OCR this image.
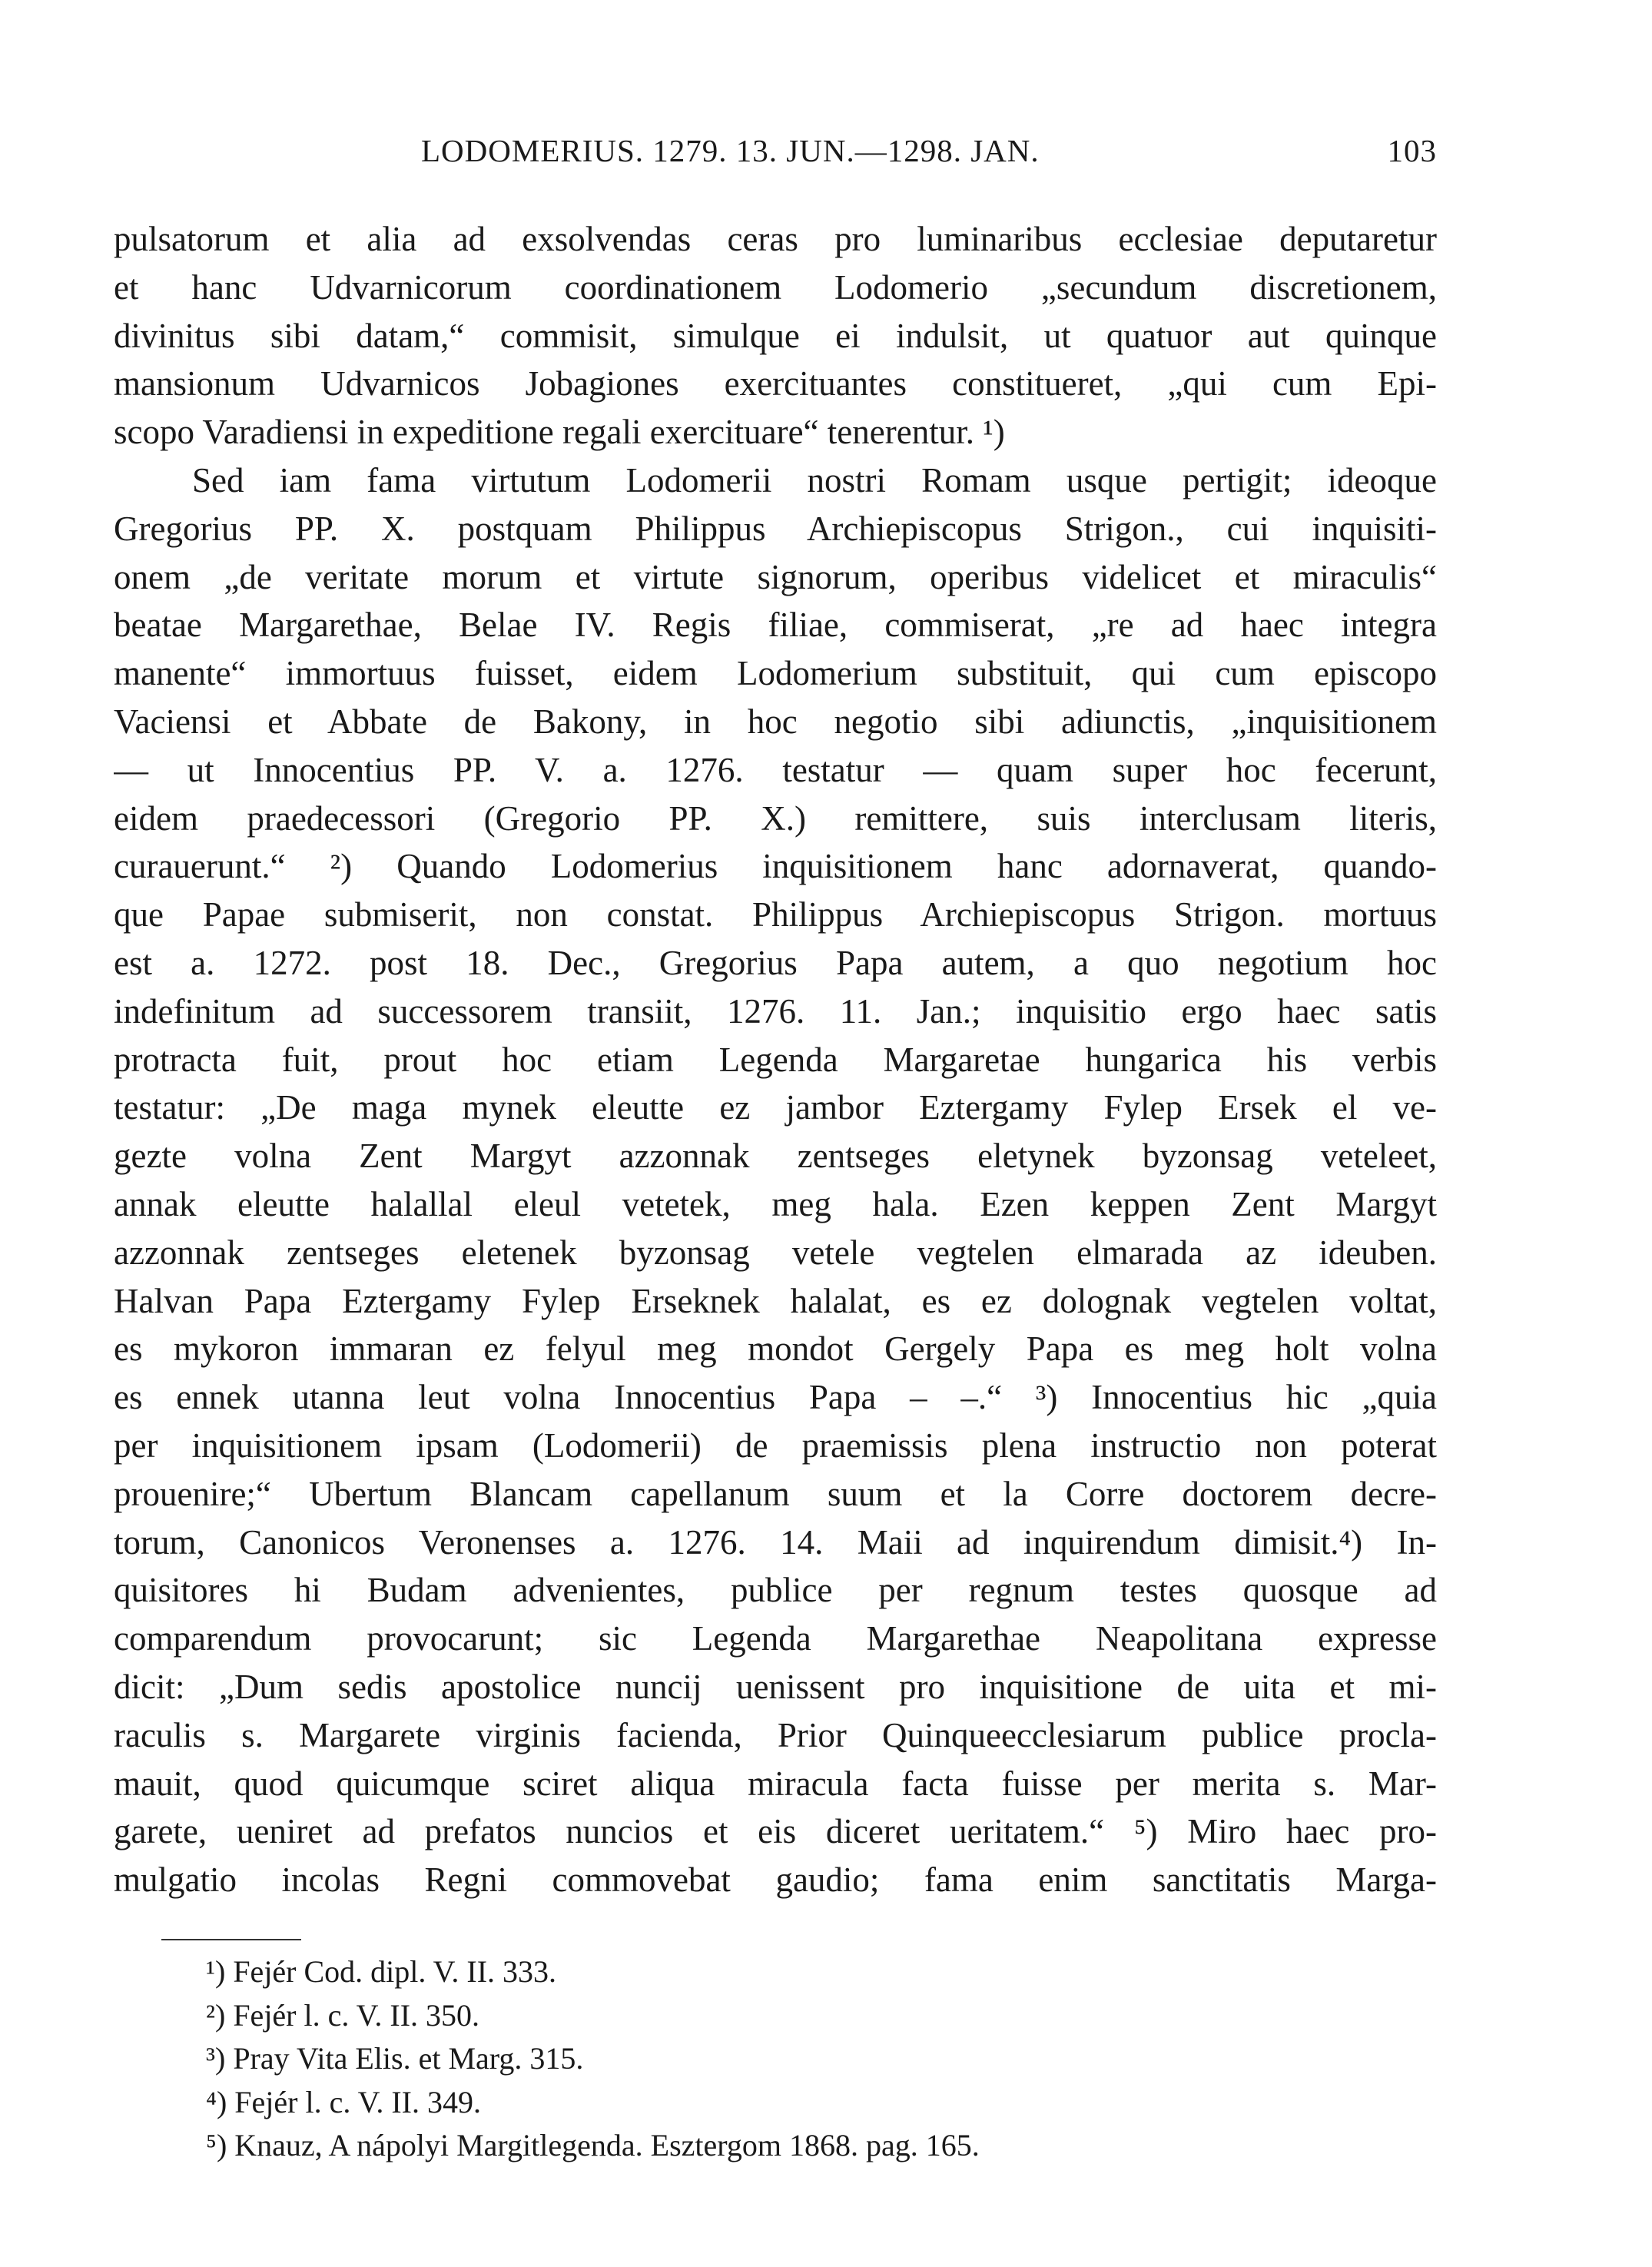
LODOMERIUS. 1279. 13. JUN.—1298. JAN.	103
pulsatorum et alia ad exsolvendas ceras pro luminaribus ecclesiae deputaretur
et hanc Udvarnicorum coordinationem Lodomerio „secundum discretionem,
divinitus sibi datam,“ commisit, simulque ei indulsit, ut quatuor aut quinque
mansionum Udvarnicos Jobagiones exercituantes constitueret, „qui cum Epi-
scopo Varadiensi in expeditione regali exercituare“ tenerentur. ¹)
Sed iam fama virtutum Lodomerii nostri Romam usque pertigit; ideoque
Gregorius PP. X. postquam Philippus Archiepiscopus Strigon., cui inquisiti-
onem „de veritate morum et virtute signorum, operibus videlicet et miraculis“
beatae Margarethae, Belae IV. Regis filiae, commiserat, „re ad haec integra
manente“ immortuus fuisset, eidem Lodomerium substituit, qui cum episcopo
Vaciensi et Abbate de Bakony, in hoc negotio sibi adiunctis, „inquisitionem
— ut Innocentius PP. V. a. 1276. testatur — quam super hoc fecerunt,
eidem praedecessori (Gregorio PP. X.) remittere, suis interclusam literis,
curauerunt.“ ²) Quando Lodomerius inquisitionem hanc adornaverat, quando-
que Papae submiserit, non constat. Philippus Archiepiscopus Strigon. mortuus
est a. 1272. post 18. Dec., Gregorius Papa autem, a quo negotium hoc
indefinitum ad successorem transiit, 1276. 11. Jan.; inquisitio ergo haec satis
protracta fuit, prout hoc etiam Legenda Margaretae hungarica his verbis
testatur: „De maga mynek eleutte ez jambor Eztergamy Fylep Ersek el ve-
gezte volna Zent Margyt azzonnak zentseges eletynek byzonsag veteleet,
annak eleutte halallal eleul vetetek, meg hala. Ezen keppen Zent Margyt
azzonnak zentseges eletenek byzonsag vetele vegtelen elmarada az ideuben.
Halvan Papa Eztergamy Fylep Erseknek halalat, es ez dolognak vegtelen voltat,
es mykoron immaran ez felyul meg mondot Gergely Papa es meg holt volna
es ennek utanna leut volna Innocentius Papa – –.“ ³) Innocentius hic „quia
per inquisitionem ipsam (Lodomerii) de praemissis plena instructio non poterat
prouenire;“ Ubertum Blancam capellanum suum et la Corre doctorem decre-
torum, Canonicos Veronenses a. 1276. 14. Maii ad inquirendum dimisit.⁴) In-
quisitores hi Budam advenientes, publice per regnum testes quosque ad
comparendum provocarunt; sic Legenda Margarethae Neapolitana expresse
dicit: „Dum sedis apostolice nuncij uenissent pro inquisitione de uita et mi-
raculis s. Margarete virginis facienda, Prior Quinqueecclesiarum publice procla-
mauit, quod quicumque sciret aliqua miracula facta fuisse per merita s. Mar-
garete, ueniret ad prefatos nuncios et eis diceret ueritatem.“ ⁵) Miro haec pro-
mulgatio incolas Regni commovebat gaudio; fama enim sanctitatis Marga-
¹) Fejér Cod. dipl. V. II. 333.
²) Fejér l. c. V. II. 350.
³) Pray Vita Elis. et Marg. 315.
⁴) Fejér l. c. V. II. 349.
⁵) Knauz, A nápolyi Margitlegenda. Esztergom 1868. pag. 165.
